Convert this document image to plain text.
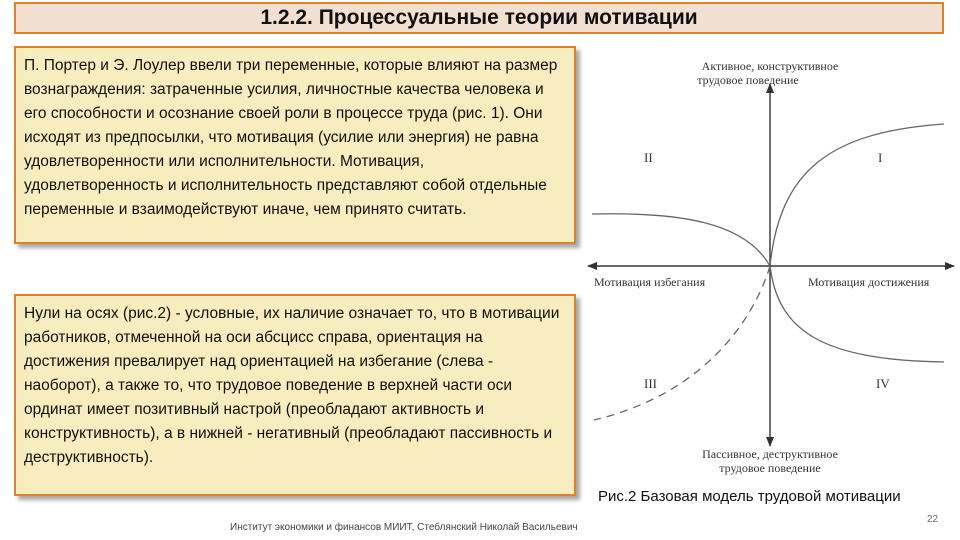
1.2.2. Процессуальные теории мотивации
П. Портер и Э. Лоулер ввели три переменные, которые влияют на размер вознаграждения: затраченные усилия, личностные качества человека и его способности и осознание своей роли в процессе труда (рис. 1). Они исходят из предпосылки, что мотивация (усилие или энергия) не равна удовлетворенности или исполнительности. Мотивация, удовлетворенность и исполнительность представляют собой отдельные переменные и взаимодействуют иначе, чем принято считать.
Нули на осях (рис.2) - условные, их наличие означает то, что в мотивации работников, отмеченной на оси абсцисс справа, ориентация на достижения превалирует над ориентацией на избегание (слева - наоборот), а также то, что трудовое поведение в верхней части оси ординат имеет позитивный настрой (преобладают активность и конструктивность), а в нижней - негативный (преобладают пассивность и деструктивность).
Активное, конструктивное
трудовое поведение
Мотивация избегания	Мотивация достижения
Пассивное, деструктивное
трудовое поведение
I
II
III	IV
Рис.2 Базовая модель трудовой мотивации
Институт экономики и финансов МИИТ, Стеблянский Николай Васильевич
22
